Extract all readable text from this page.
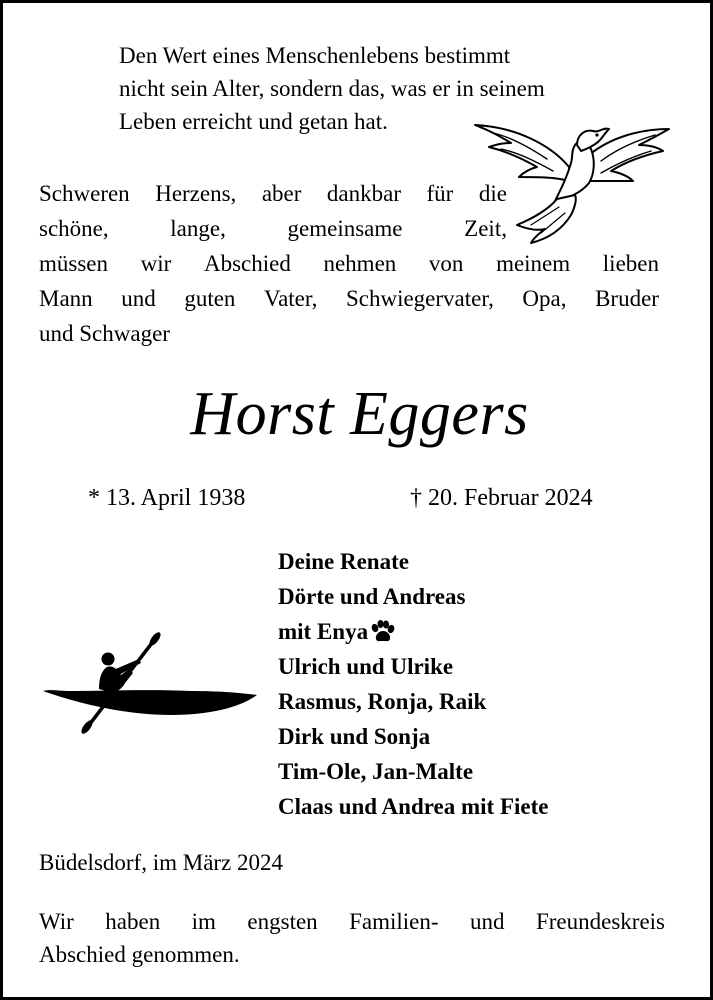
Den Wert eines Menschenlebens bestimmt
nicht sein Alter, sondern das, was er in seinem
Leben erreicht und getan hat.
Schweren Herzens, aber dankbar für die
schöne,	lange,	gemeinsame	Zeit,
müssen wir Abschied nehmen von meinem lieben
Mann und guten Vater, Schwiegervater, Opa, Bruder
und Schwager
Horst Eggers
* 13. April 1938	† 20. Februar 2024
Deine Renate
Dörte und Andreas
mit Enya
Ulrich und Ulrike
Rasmus, Ronja, Raik
Dirk und Sonja
Tim-Ole, Jan-Malte
Claas und Andrea mit Fiete
Büdelsdorf, im März 2024
Wir haben im engsten Familien- und Freundeskreis
Abschied genommen.
